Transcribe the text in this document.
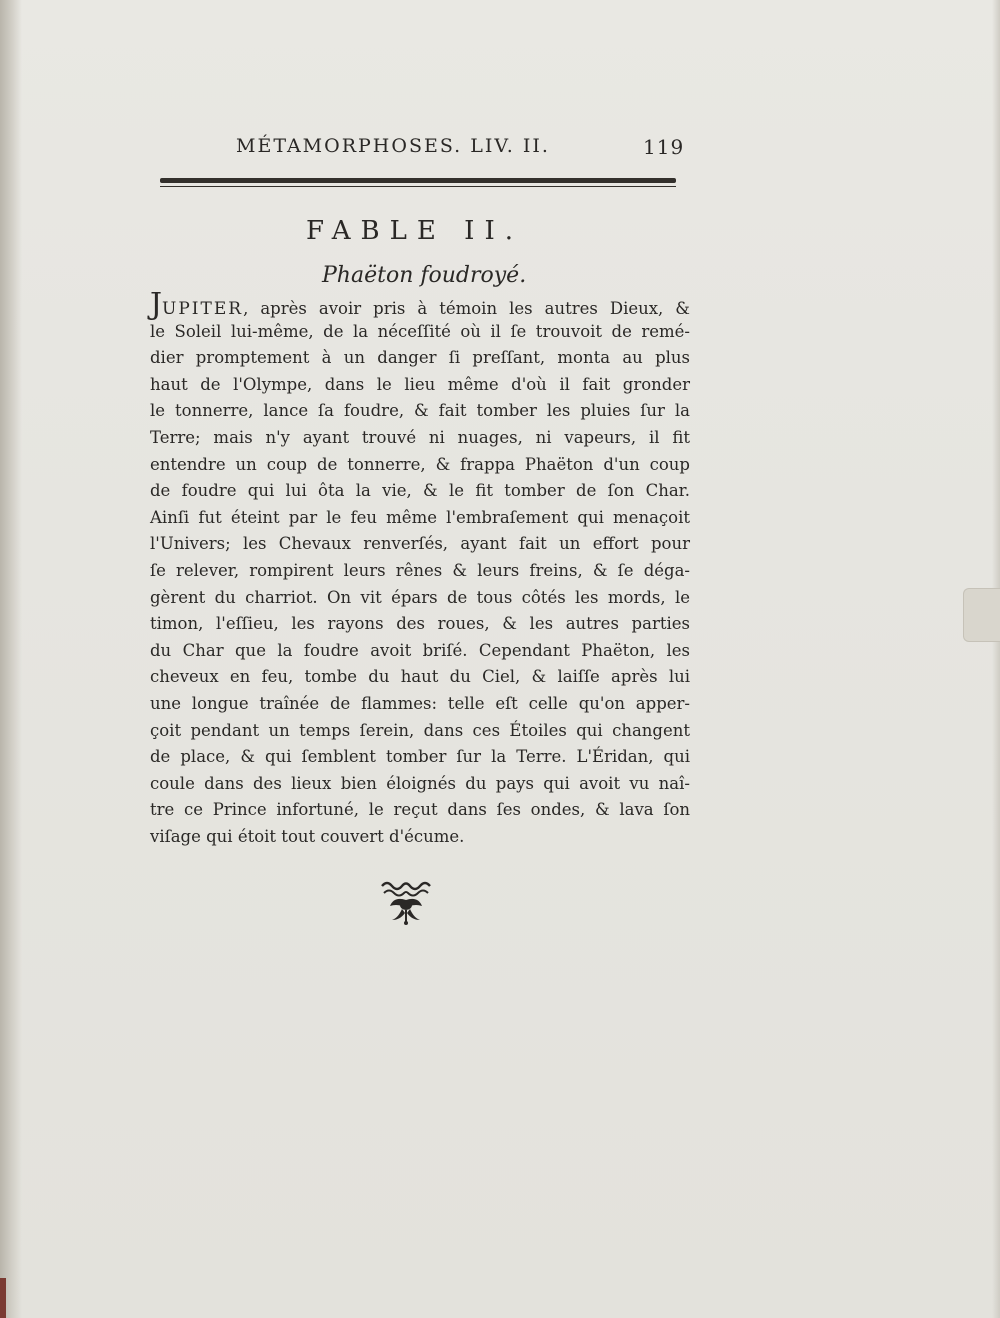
MÉTAMORPHOSES. LIV. II.	119
FABLE II.
Phaëton foudroyé.
JUPITER, après avoir pris à témoin les autres Dieux, &
le Soleil lui-même, de la néceſſité où il ſe trouvoit de remé-
dier promptement à un danger ſi preſſant, monta au plus
haut de l'Olympe, dans le lieu même d'où il fait gronder
le tonnerre, lance ſa foudre, & fait tomber les pluies ſur la
Terre; mais n'y ayant trouvé ni nuages, ni vapeurs, il fit
entendre un coup de tonnerre, & frappa Phaëton d'un coup
de foudre qui lui ôta la vie, & le fit tomber de ſon Char.
Ainſi fut éteint par le feu même l'embraſement qui menaçoit
l'Univers; les Chevaux renverſés, ayant fait un effort pour
ſe relever, rompirent leurs rênes & leurs freins, & ſe déga-
gèrent du charriot. On vit épars de tous côtés les mords, le
timon, l'eſſieu, les rayons des roues, & les autres parties
du Char que la foudre avoit briſé. Cependant Phaëton, les
cheveux en feu, tombe du haut du Ciel, & laiſſe après lui
une longue traînée de flammes: telle eſt celle qu'on apper-
çoit pendant un temps ſerein, dans ces Étoiles qui changent
de place, & qui ſemblent tomber ſur la Terre. L'Éridan, qui
coule dans des lieux bien éloignés du pays qui avoit vu naî-
tre ce Prince infortuné, le reçut dans ſes ondes, & lava ſon
viſage qui étoit tout couvert d'écume.
